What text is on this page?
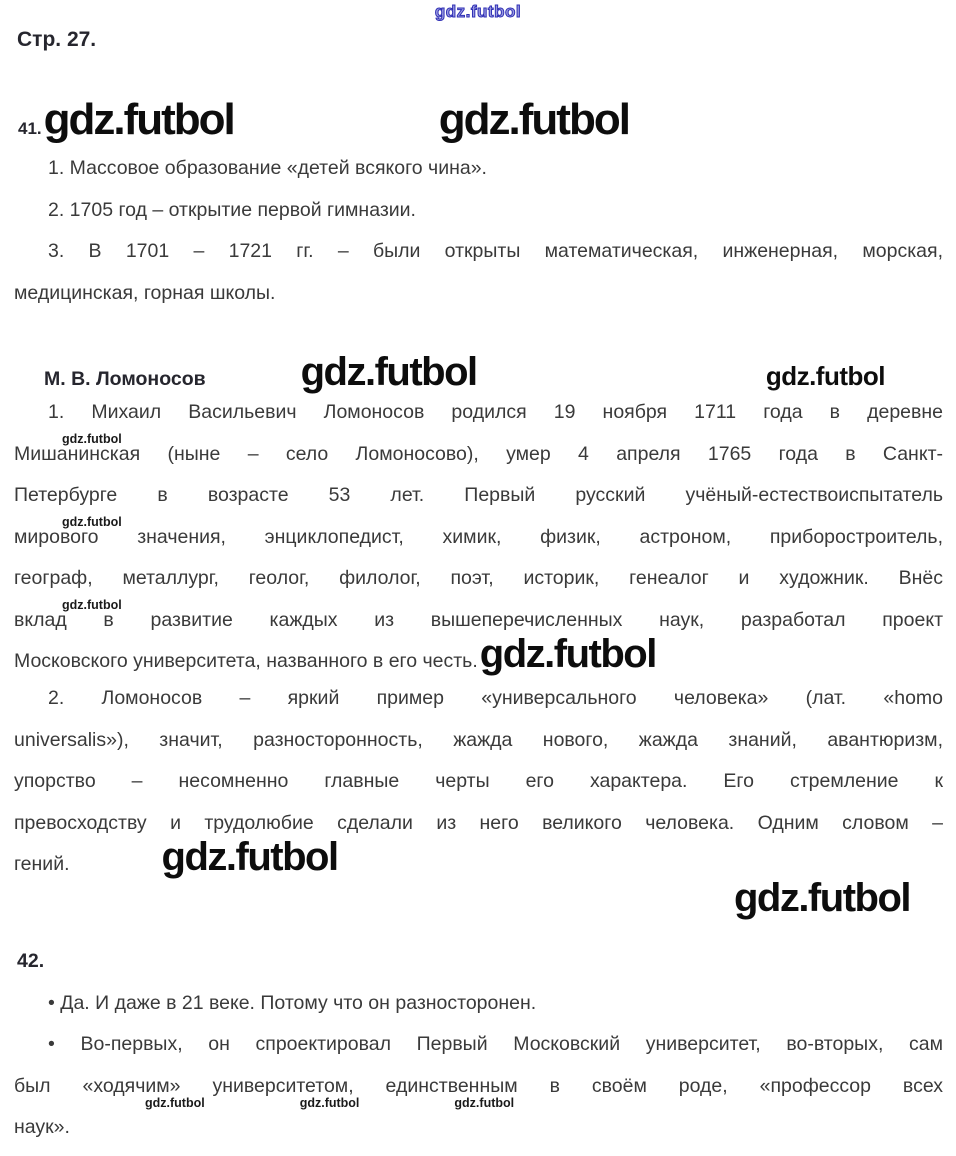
gdz.futbol
Стр. 27.
41. gdz.futbol	gdz.futbol
1. Массовое образование «детей всякого чина».
2. 1705 год – открытие первой гимназии.
3. В 1701 – 1721 гг. – были открыты математическая, инженерная, морская,
медицинская, горная школы.
М. В. Ломоносов gdz.futbol	gdz.futbol
1. Михаил Васильевич Ломоносов родился 19 ноября 1711 года в деревне
Мишанинская (ныне – село Ломоносово), умер 4 апреля 1765 года в Санкт-
Петербурге в возрасте 53 лет. Первый русский учёный-естествоиспытатель
мирового значения, энциклопедист, химик, физик, астроном, приборостроитель,
географ, металлург, геолог, филолог, поэт, историк, генеалог и художник. Внёс
вклад в развитие каждых из вышеперечисленных наук, разработал проект
Московского университета, названного в его честь.gdz.futbol
2. Ломоносов – яркий пример «универсального человека» (лат. «homo
universalis»), значит, разносторонность, жажда нового, жажда знаний, авантюризм,
упорство – несомненно главные черты его характера. Его стремление к
превосходству и трудолюбие сделали из него великого человека. Одним словом –
гений. gdz.futbol
gdz.futbol
42.
• Да. И даже в 21 веке. Потому что он разносторонен.
• Во-первых, он спроектировал Первый Московский университет, во-вторых, сам
был «ходячим» университетом, единственным в своём роде, «профессор всех
наук».
gdz.futbol
gdz.futbol
gdz.futbol
gdz.futbol	gdz.futbol	gdz.futbol
